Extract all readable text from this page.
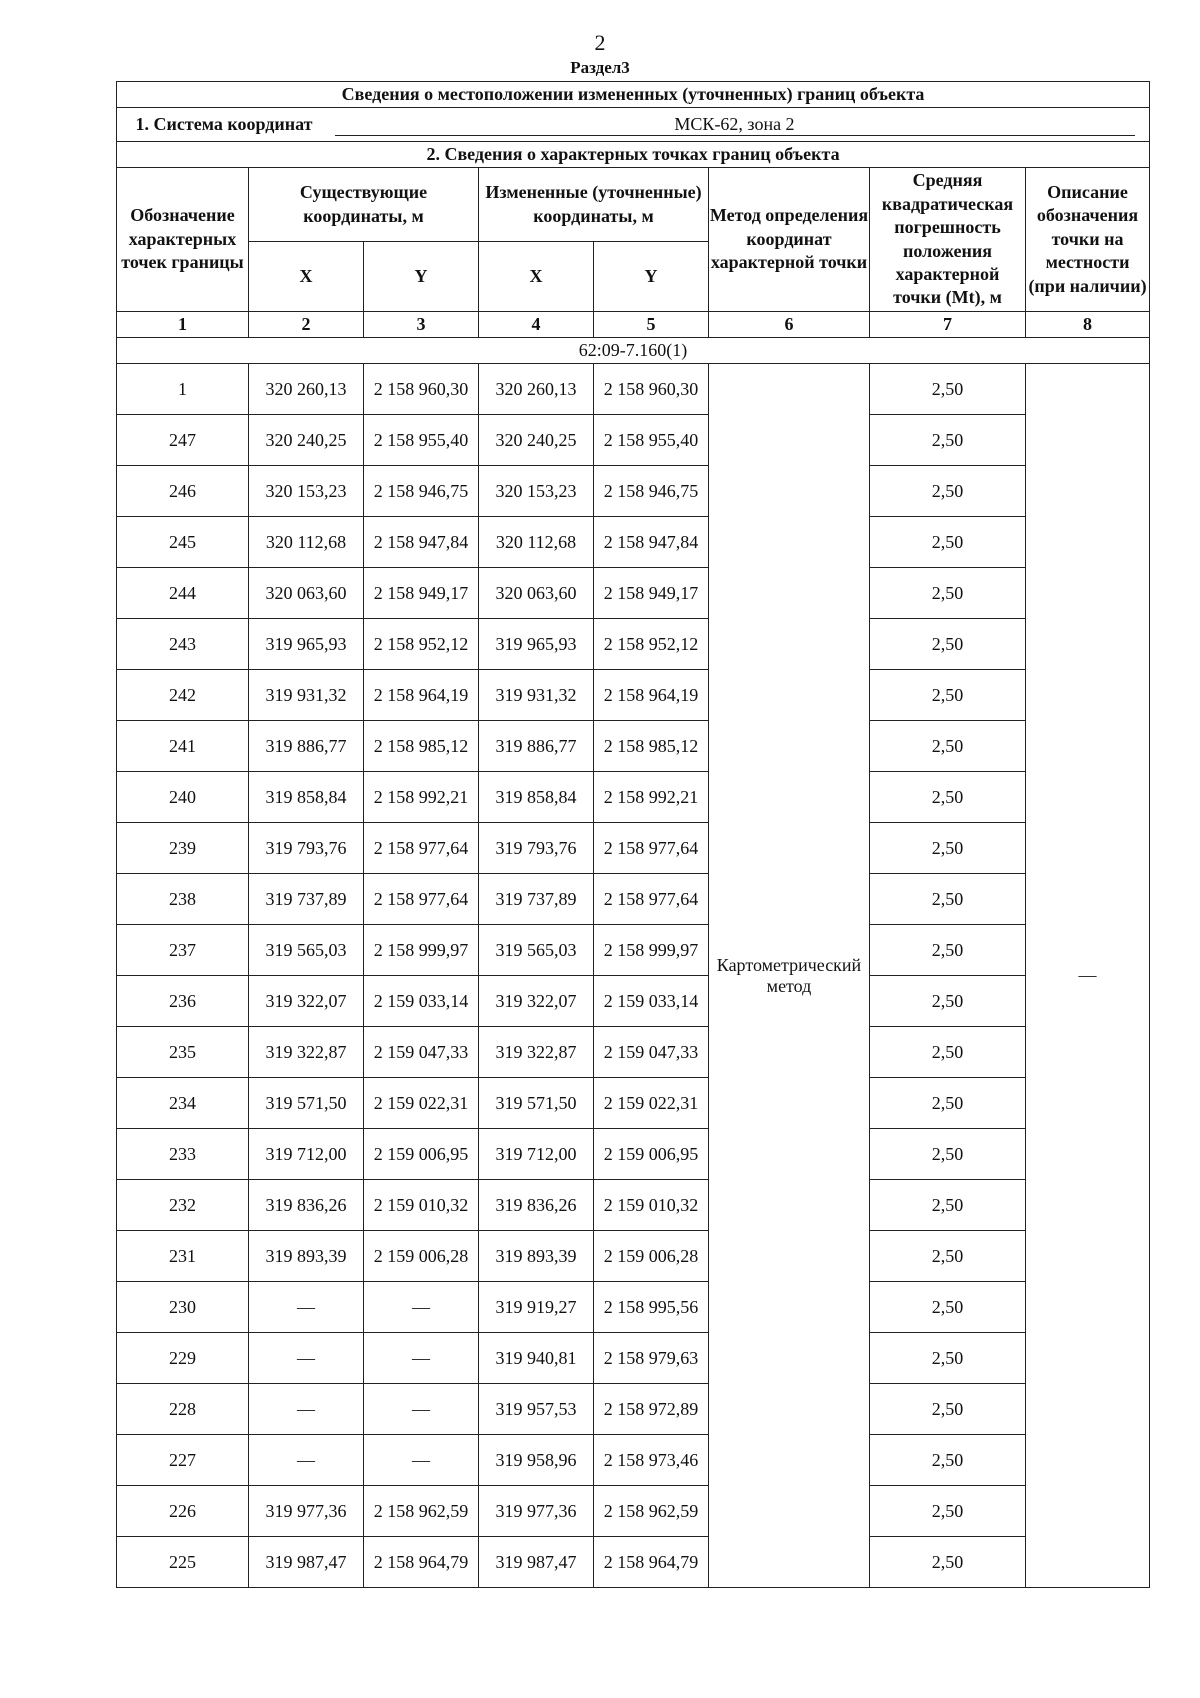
2
Раздел3
Сведения о местоположении измененных (уточненных) границ объекта							
1. Система координат МСК-62, зона 2							
2. Сведения о характерных точках границ объекта							
Обозначение характерных точек границы	Существующие координаты, м		Измененные (уточненные) координаты, м		Метод определения координат характерной точки	Средняя квадратическая погрешность положения характерной точки (Mt), м	Описание обозначения точки на местности (при наличии)
	X	Y	X	Y			
1	2	3	4	5	6	7	8
62:09-7.160(1)							
1	320 260,13	2 158 960,30	320 260,13	2 158 960,30	Картометрический метод	2,50	—
247	320 240,25	2 158 955,40	320 240,25	2 158 955,40		2,50	
246	320 153,23	2 158 946,75	320 153,23	2 158 946,75		2,50	
245	320 112,68	2 158 947,84	320 112,68	2 158 947,84		2,50	
244	320 063,60	2 158 949,17	320 063,60	2 158 949,17		2,50	
243	319 965,93	2 158 952,12	319 965,93	2 158 952,12		2,50	
242	319 931,32	2 158 964,19	319 931,32	2 158 964,19		2,50	
241	319 886,77	2 158 985,12	319 886,77	2 158 985,12		2,50	
240	319 858,84	2 158 992,21	319 858,84	2 158 992,21		2,50	
239	319 793,76	2 158 977,64	319 793,76	2 158 977,64		2,50	
238	319 737,89	2 158 977,64	319 737,89	2 158 977,64		2,50	
237	319 565,03	2 158 999,97	319 565,03	2 158 999,97		2,50	
236	319 322,07	2 159 033,14	319 322,07	2 159 033,14		2,50	
235	319 322,87	2 159 047,33	319 322,87	2 159 047,33		2,50	
234	319 571,50	2 159 022,31	319 571,50	2 159 022,31		2,50	
233	319 712,00	2 159 006,95	319 712,00	2 159 006,95		2,50	
232	319 836,26	2 159 010,32	319 836,26	2 159 010,32		2,50	
231	319 893,39	2 159 006,28	319 893,39	2 159 006,28		2,50	
230	—	—	319 919,27	2 158 995,56		2,50	
229	—	—	319 940,81	2 158 979,63		2,50	
228	—	—	319 957,53	2 158 972,89		2,50	
227	—	—	319 958,96	2 158 973,46		2,50	
226	319 977,36	2 158 962,59	319 977,36	2 158 962,59		2,50	
225	319 987,47	2 158 964,79	319 987,47	2 158 964,79		2,50	
